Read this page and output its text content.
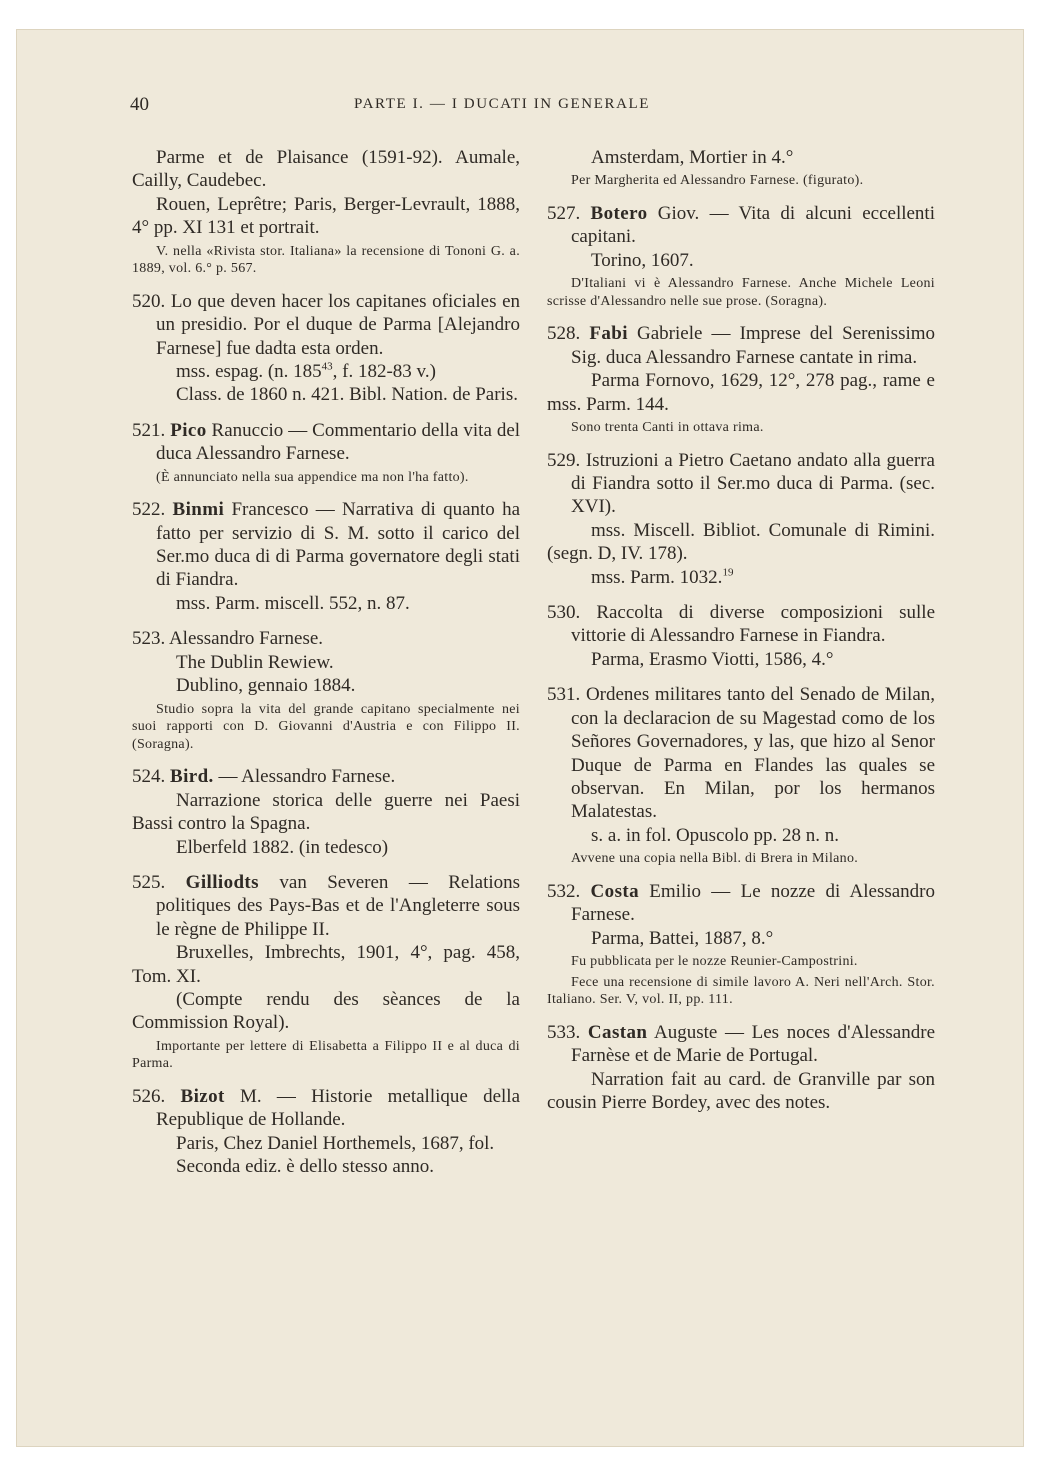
40	PARTE I. — I DUCATI IN GENERALE

Parme et de Plaisance (1591-92). Aumale, Cailly, Caudebec.

Rouen, Leprêtre; Paris, Berger-Levrault, 1888, 4° pp. XI 131 et portrait.

V. nella «Rivista stor. Italiana» la recensione di Tononi G. a. 1889, vol. 6.° p. 567.

520. Lo que deven hacer los capitanes oficiales en un presidio. Por el duque de Parma [Alejandro Farnese] fue dadta esta orden.

mss. espag. (n. $185^{43}$, f. 182-83 v.)

Class. de 1860 n. 421. Bibl. Nation. de Paris.

521. Pico Ranuccio — Commentario della vita del duca Alessandro Farnese.

(È annunciato nella sua appendice ma non l'ha fatto).

522. Binmi Francesco — Narrativa di quanto ha fatto per servizio di S. M. sotto il carico del Ser.mo duca di di Parma governatore degli stati di Fiandra.

mss. Parm. miscell. 552, n. 87.

523. Alessandro Farnese.

The Dublin Rewiew.

Dublino, gennaio 1884.

Studio sopra la vita del grande capitano specialmente nei suoi rapporti con D. Giovanni d'Austria e con Filippo II. (Soragna).

524. Bird. — Alessandro Farnese.

Narrazione storica delle guerre nei Paesi Bassi contro la Spagna.

Elberfeld 1882. (in tedesco)

525. Gilliodts van Severen — Relations politiques des Pays-Bas et de l'Angleterre sous le règne de Philippe II.

Bruxelles, Imbrechts, 1901, 4°, pag. 458, Tom. XI.

(Compte rendu des sèances de la Commission Royal).

Importante per lettere di Elisabetta a Filippo II e al duca di Parma.

526. Bizot M. — Historie metallique della Republique de Hollande.

Paris, Chez Daniel Horthemels, 1687, fol.

Seconda ediz. è dello stesso anno.

Amsterdam, Mortier in 4.°

Per Margherita ed Alessandro Farnese. (figurato).

527. Botero Giov. — Vita di alcuni eccellenti capitani.

Torino, 1607.

D'Italiani vi è Alessandro Farnese. Anche Michele Leoni scrisse d'Alessandro nelle sue prose. (Soragna).

528. Fabi Gabriele — Imprese del Serenissimo Sig. duca Alessandro Farnese cantate in rima.

Parma Fornovo, 1629, 12°, 278 pag., rame e mss. Parm. 144.

Sono trenta Canti in ottava rima.

529. Istruzioni a Pietro Caetano andato alla guerra di Fiandra sotto il Ser.mo duca di Parma. (sec. XVI).

mss. Miscell. Bibliot. Comunale di Rimini. (segn. D, IV. 178).

mss. Parm. 1032.19

530. Raccolta di diverse composizioni sulle vittorie di Alessandro Farnese in Fiandra.

Parma, Erasmo Viotti, 1586, 4.°

531. Ordenes militares tanto del Senado de Milan, con la declaracion de su Magestad como de los Señores Governadores, y las, que hizo al Senor Duque de Parma en Flandes las quales se observan. En Milan, por los hermanos Malatestas.

s. a. in fol. Opuscolo pp. 28 n. n.

Avvene una copia nella Bibl. di Brera in Milano.

532. Costa Emilio — Le nozze di Alessandro Farnese.

Parma, Battei, 1887, 8.°

Fu pubblicata per le nozze Reunier-Campostrini.

Fece una recensione di simile lavoro A. Neri nell'Arch. Stor. Italiano. Ser. V, vol. II, pp. 111.

533. Castan Auguste — Les noces d'Alessandre Farnèse et de Marie de Portugal.

Narration fait au card. de Granville par son cousin Pierre Bordey, avec des notes.
